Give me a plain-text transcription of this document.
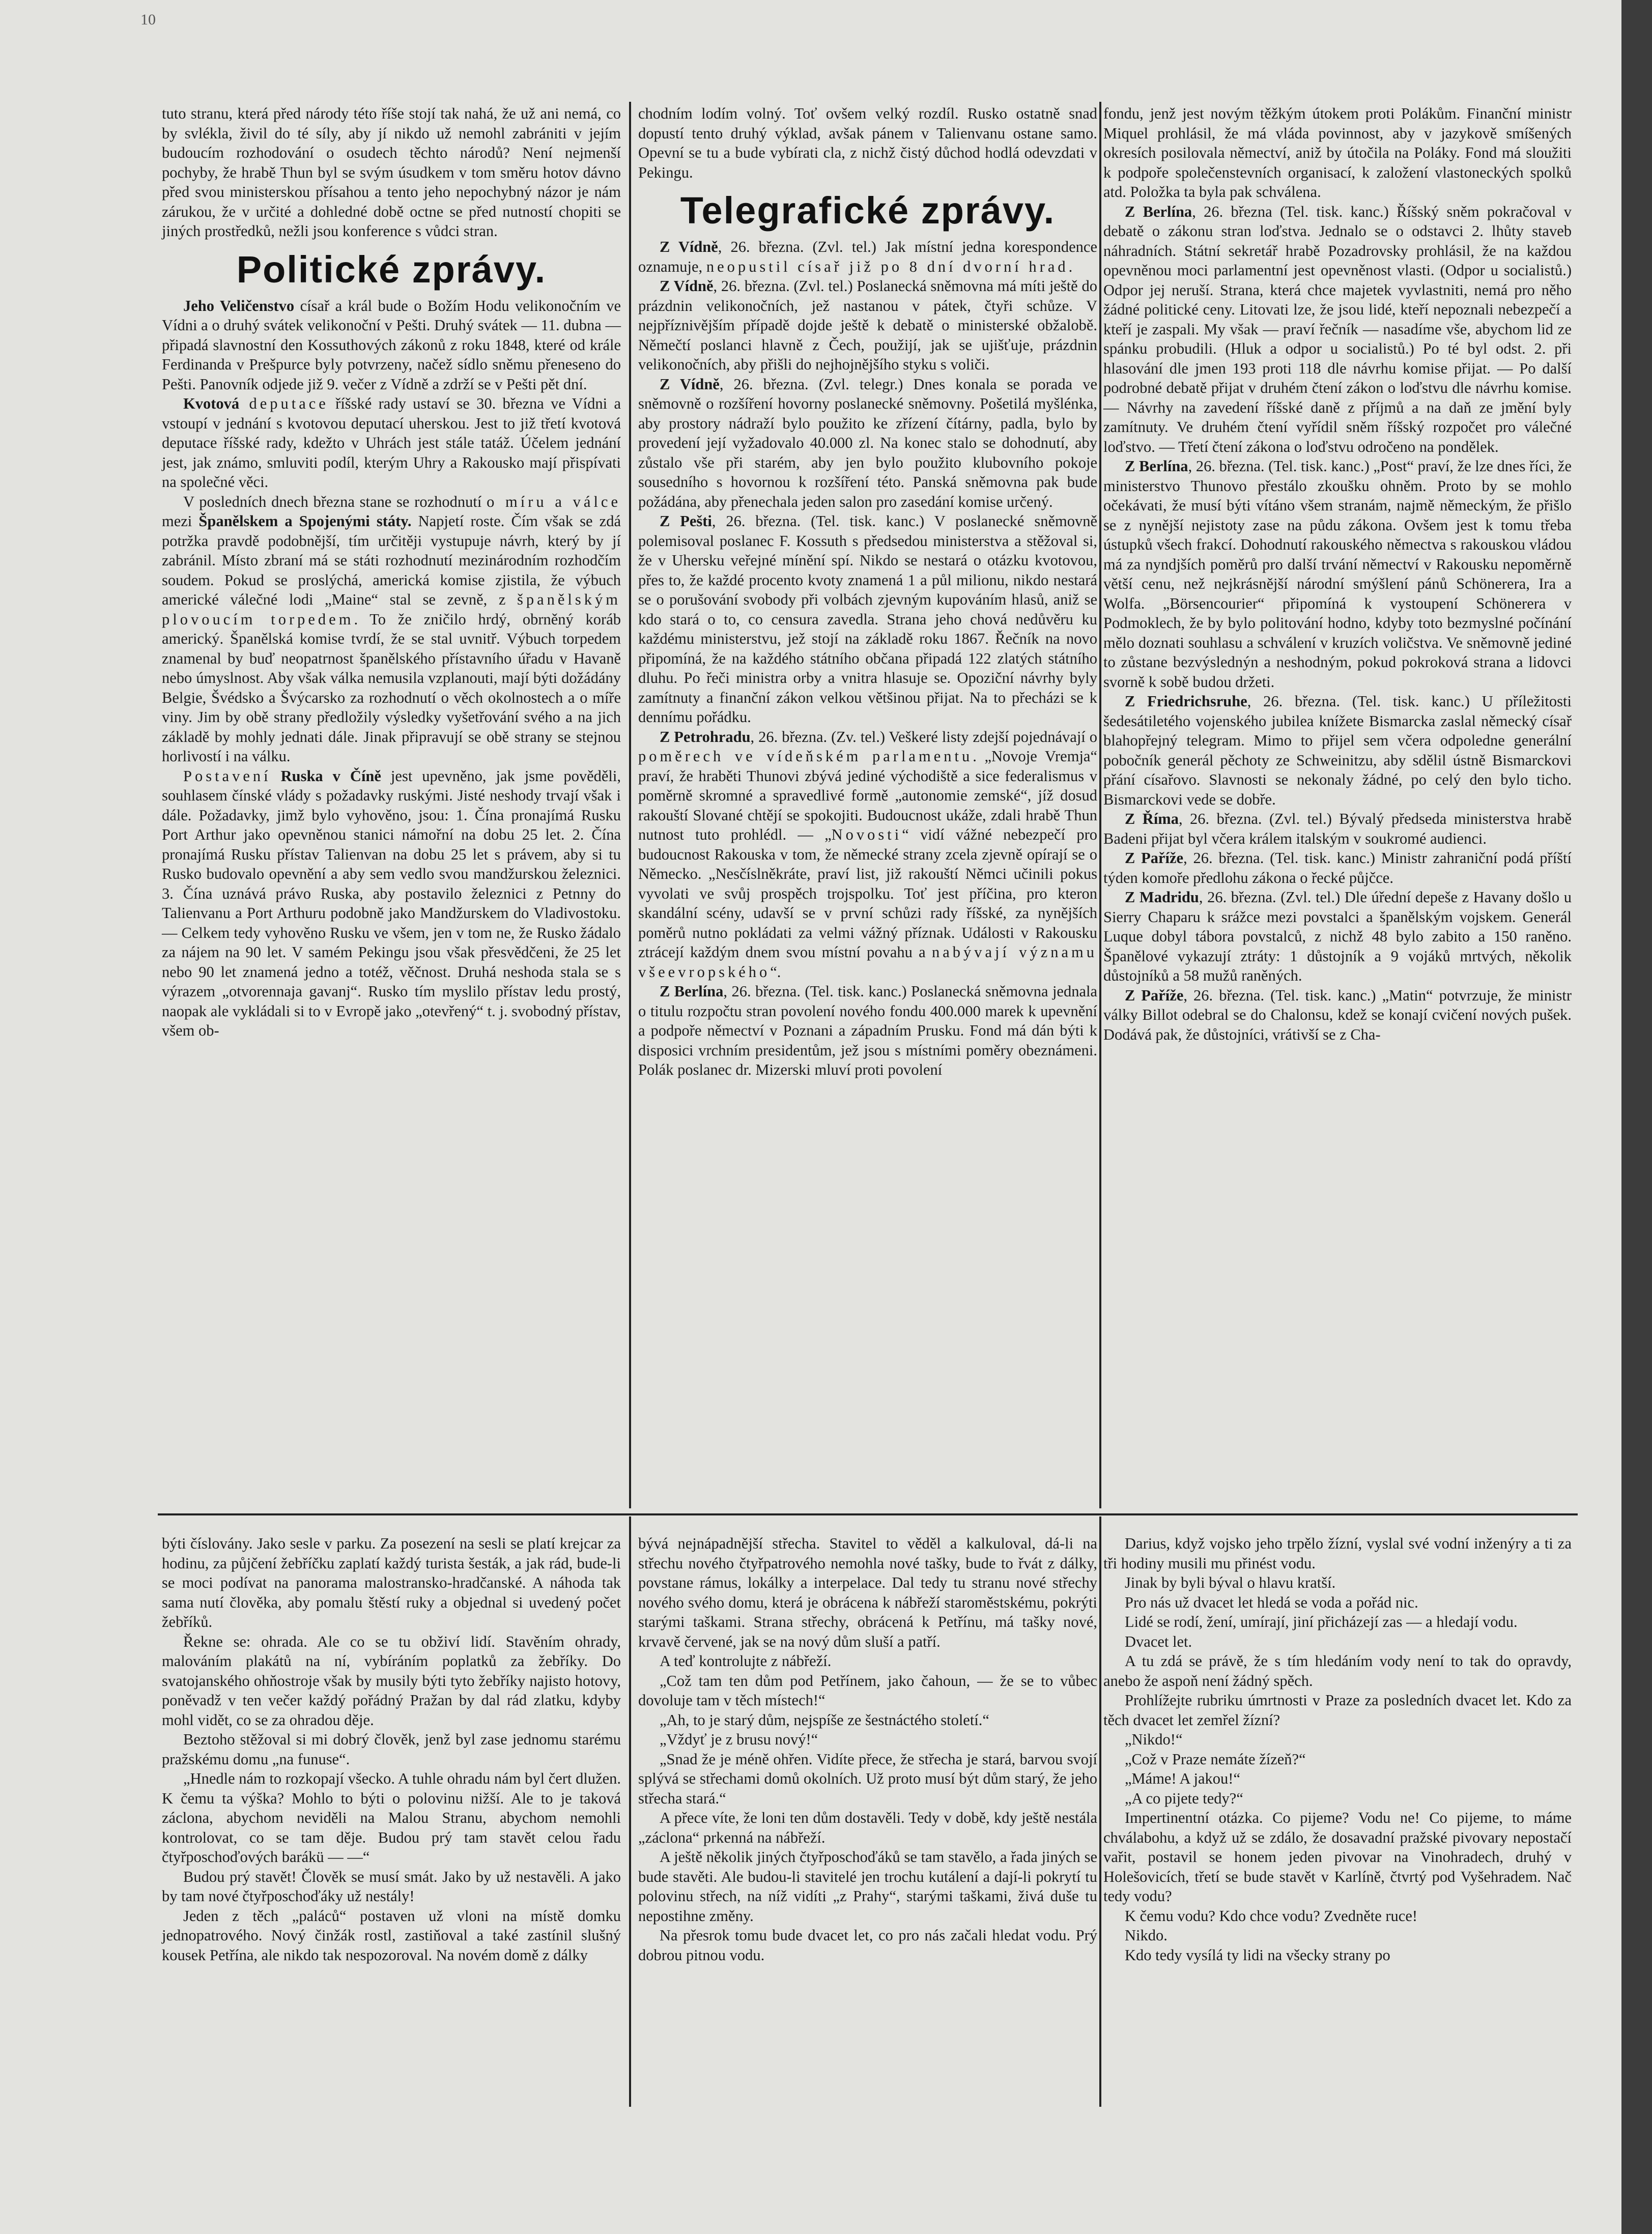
10

tuto stranu, která před národy této říše stojí tak nahá, že už ani nemá, co by svlékla, živil do té síly, aby jí nikdo už nemohl zabrániti v jejím budoucím rozhodování o osudech těchto národů? Není nejmenší pochyby, že hrabě Thun byl se svým úsudkem v tom směru hotov dávno před svou ministerskou přísahou a tento jeho nepochybný názor je nám zárukou, že v určité a dohledné době octne se před nutností chopiti se jiných prostředků, nežli jsou konference s vůdci stran.

Politické zprávy.

Jeho Veličenstvo císař a král bude o Božím Hodu velikonočním ve Vídni a o druhý svátek velikonoční v Pešti. Druhý svátek — 11. dubna — připadá slavnostní den Kossuthových zákonů z roku 1848, které od krále Ferdinanda v Prešpurce byly potvrzeny, načež sídlo sněmu přeneseno do Pešti. Panovník odjede již 9. večer z Vídně a zdrží se v Pešti pět dní.

Kvotová deputace říšské rady ustaví se 30. března ve Vídni a vstoupí v jednání s kvotovou deputací uherskou. Jest to již třetí kvotová deputace říšské rady, kdežto v Uhrách jest stále tatáž. Účelem jednání jest, jak známo, smluviti podíl, kterým Uhry a Rakousko mají přispívati na společné věci.

V posledních dnech března stane se rozhodnutí o míru a válce mezi Španělskem a Spojenými státy. Napjetí roste. Čím však se zdá potržka pravdě podobnější, tím určitěji vystupuje návrh, který by jí zabránil. Místo zbraní má se státi rozhodnutí mezinárodním rozhodčím soudem. Pokud se proslýchá, americká komise zjistila, že výbuch americké válečné lodi „Maine“ stal se zevně, z španělským plovoucím torpedem. To že zničilo hrdý, obrněný koráb americký. Španělská komise tvrdí, že se stal uvnitř. Výbuch torpedem znamenal by buď neopatrnost španělského přístavního úřadu v Havaně nebo úmyslnost. Aby však válka nemusila vzplanouti, mají býti dožádány Belgie, Švédsko a Švýcarsko za rozhodnutí o věch okolnostech a o míře viny. Jim by obě strany předložily výsledky vyšetřování svého a na jich základě by mohly jednati dále. Jinak připravují se obě strany se stejnou horlivostí i na válku.

Postavení Ruska v Číně jest upevněno, jak jsme pověděli, souhlasem čínské vlády s požadavky ruskými. Jisté neshody trvají však i dále. Požadavky, jimž bylo vyhověno, jsou: 1. Čína pronajímá Rusku Port Arthur jako opevněnou stanici námořní na dobu 25 let. 2. Čína pronajímá Rusku přístav Talienvan na dobu 25 let s právem, aby si tu Rusko budovalo opevnění a aby sem vedlo svou mandžurskou železnici. 3. Čína uznává právo Ruska, aby postavilo železnici z Petnny do Talienvanu a Port Arthuru podobně jako Mandžurskem do Vladivostoku. — Celkem tedy vyhověno Rusku ve všem, jen v tom ne, že Rusko žádalo za nájem na 90 let. V samém Pekingu jsou však přesvědčeni, že 25 let nebo 90 let znamená jedno a totéž, věčnost. Druhá neshoda stala se s výrazem „otvorennaja gavanj“. Rusko tím myslilo přístav ledu prostý, naopak ale vykládali si to v Evropě jako „otevřený“ t. j. svobodný přístav, všem ob-

chodním lodím volný. Toť ovšem velký rozdíl. Rusko ostatně snad dopustí tento druhý výklad, avšak pánem v Talienvanu ostane samo. Opevní se tu a bude vybírati cla, z nichž čistý důchod hodlá odevzdati v Pekingu.

Telegrafické zprávy.

Z Vídně, 26. března. (Zvl. tel.) Jak místní jedna korespondence oznamuje, neopustil císař již po 8 dní dvorní hrad.

Z Vídně, 26. března. (Zvl. tel.) Poslanecká sněmovna má míti ještě do prázdnin velikonočních, jež nastanou v pátek, čtyři schůze. V nejpříznivějším případě dojde ještě k debatě o ministerské obžalobě. Němečtí poslanci hlavně z Čech, použijí, jak se ujišťuje, prázdnin velikonočních, aby přišli do nejhojnějšího styku s voliči.

Z Vídně, 26. března. (Zvl. telegr.) Dnes konala se porada ve sněmovně o rozšíření hovorny poslanecké sněmovny. Pošetilá myšlénka, aby prostory nádraží bylo použito ke zřízení čítárny, padla, bylo by provedení její vyžadovalo 40.000 zl. Na konec stalo se dohodnutí, aby zůstalo vše při starém, aby jen bylo použito klubovního pokoje sousedního s hovornou k rozšíření této. Panská sněmovna pak bude požádána, aby přenechala jeden salon pro zasedání komise určený.

Z Pešti, 26. března. (Tel. tisk. kanc.) V poslanecké sněmovně polemisoval poslanec F. Kossuth s předsedou ministerstva a stěžoval si, že v Uhersku veřejné mínění spí. Nikdo se nestará o otázku kvotovou, přes to, že každé procento kvoty znamená 1 a půl milionu, nikdo nestará se o porušování svobody při volbách zjevným kupováním hlasů, aniž se kdo stará o to, co censura zavedla. Strana jeho chová nedůvěru ku každému ministerstvu, jež stojí na základě roku 1867. Řečník na novo připomíná, že na každého státního občana připadá 122 zlatých státního dluhu. Po řeči ministra orby a vnitra hlasuje se. Opoziční návrhy byly zamítnuty a finanční zákon velkou většinou přijat. Na to přecházi se k dennímu pořádku.

Z Petrohradu, 26. března. (Zv. tel.) Veškeré listy zdejší pojednávají o poměrech ve vídeňském parlamentu. „Novoje Vremja“ praví, že hraběti Thunovi zbývá jediné východiště a sice federalismus v poměrně skromné a spravedlivé formě „autonomie zemské“, jíž dosud rakouští Slované chtějí se spokojiti. Budoucnost ukáže, zdali hrabě Thun nutnost tuto prohlédl. — „Novosti“ vidí vážné nebezpečí pro budoucnost Rakouska v tom, že německé strany zcela zjevně opírají se o Německo. „Nesčíslněkráte, praví list, již rakouští Němci učinili pokus vyvolati ve svůj prospěch trojspolku. Toť jest příčina, pro kteron skandální scény, udavší se v první schůzi rady říšské, za nynějších poměrů nutno pokládati za velmi vážný příznak. Události v Rakousku ztrácejí každým dnem svou místní povahu a nabývají významu všeevropského“.

Z Berlína, 26. března. (Tel. tisk. kanc.) Poslanecká sněmovna jednala o titulu rozpočtu stran povolení nového fondu 400.000 marek k upevnění a podpoře němectví v Poznani a západním Prusku. Fond má dán býti k disposici vrchním presidentům, jež jsou s místními poměry obeznámeni. Polák poslanec dr. Mizerski mluví proti povolení

fondu, jenž jest novým těžkým útokem proti Polákům. Finanční ministr Miquel prohlásil, že má vláda povinnost, aby v jazykově smíšených okresích posilovala němectví, aniž by útočila na Poláky. Fond má sloužiti k podpoře společenstevních organisací, k založení vlastoneckých spolků atd. Položka ta byla pak schválena.

Z Berlína, 26. března (Tel. tisk. kanc.) Říšský sněm pokračoval v debatě o zákonu stran loďstva. Jednalo se o odstavci 2. lhůty staveb náhradních. Státní sekretář hrabě Pozadrovsky prohlásil, že na každou opevněnou moci parlamentní jest opevněnost vlasti. (Odpor u socialistů.) Odpor jej neruší. Strana, která chce majetek vyvlastniti, nemá pro něho žádné politické ceny. Litovati lze, že jsou lidé, kteří nepoznali nebezpečí a kteří je zaspali. My však — praví řečník — nasadíme vše, abychom lid ze spánku probudili. (Hluk a odpor u socialistů.) Po té byl odst. 2. při hlasování dle jmen 193 proti 118 dle návrhu komise přijat. — Po další podrobné debatě přijat v druhém čtení zákon o loďstvu dle návrhu komise. — Návrhy na zavedení říšské daně z příjmů a na daň ze jmění byly zamítnuty. Ve druhém čtení vyřídil sněm říšský rozpočet pro válečné loďstvo. — Třetí čtení zákona o loďstvu odročeno na pondělek.

Z Berlína, 26. března. (Tel. tisk. kanc.) „Post“ praví, že lze dnes říci, že ministerstvo Thunovo přestálo zkoušku ohněm. Proto by se mohlo očekávati, že musí býti vítáno všem stranám, najmě německým, že přišlo se z nynější nejistoty zase na půdu zákona. Ovšem jest k tomu třeba ústupků všech frakcí. Dohodnutí rakouského němectva s rakouskou vládou má za nyndjších poměrů pro další trvání němectví v Rakousku nepoměrně větší cenu, než nejkrásnější národní smýšlení pánů Schönerera, Ira a Wolfa. „Börsencourier“ připomíná k vystoupení Schönerera v Podmoklech, že by bylo politování hodno, kdyby toto bezmyslné počínání mělo doznati souhlasu a schválení v kruzích voličstva. Ve sněmovně jediné to zůstane bezvýslednýn a neshodným, pokud pokroková strana a lidovci svorně k sobě budou držeti.

Z Friedrichsruhe, 26. března. (Tel. tisk. kanc.) U příležitosti šedesátiletého vojenského jubilea knížete Bismarcka zaslal německý císař blahopřejný telegram. Mimo to přijel sem včera odpoledne generální pobočník generál pěchoty ze Schweinitzu, aby sdělil ústně Bismarckovi přání císařovo. Slavnosti se nekonaly žádné, po celý den bylo ticho. Bismarckovi vede se dobře.

Z Říma, 26. března. (Zvl. tel.) Bývalý předseda ministerstva hrabě Badeni přijat byl včera králem italským v soukromé audienci.

Z Paříže, 26. března. (Tel. tisk. kanc.) Ministr zahraniční podá příští týden komoře předlohu zákona o řecké půjčce.

Z Madridu, 26. března. (Zvl. tel.) Dle úřední depeše z Havany došlo u Sierry Chaparu k srážce mezi povstalci a španělským vojskem. Generál Luque dobyl tábora povstalců, z nichž 48 bylo zabito a 150 raněno. Španělové vykazují ztráty: 1 důstojník a 9 vojáků mrtvých, několik důstojníků a 58 mužů raněných.

Z Paříže, 26. března. (Tel. tisk. kanc.) „Matin“ potvrzuje, že ministr války Billot odebral se do Chalonsu, kdež se konají cvičení nových pušek. Dodává pak, že důstojníci, vrátivší se z Cha-

býti číslovány. Jako sesle v parku. Za posezení na sesli se platí krejcar za hodinu, za půjčení žebříčku zaplatí každý turista šesták, a jak rád, bude-li se moci podívat na panorama malostransko-hradčanské. A náhoda tak sama nutí člověka, aby pomalu štěstí ruky a objednal si uvedený počet žebříků.

Řekne se: ohrada. Ale co se tu obživí lidí. Stavěním ohrady, malováním plakátů na ní, vybíráním poplatků za žebříky. Do svatojanského ohňostroje však by musily býti tyto žebříky najisto hotovy, poněvadž v ten večer každý pořádný Pražan by dal rád zlatku, kdyby mohl vidět, co se za ohradou děje.

Beztoho stěžoval si mi dobrý člověk, jenž byl zase jednomu starému pražskému domu „na funuse“.

„Hnedle nám to rozkopají všecko. A tuhle ohradu nám byl čert dlužen. K čemu ta výška? Mohlo to býti o polovinu nižší. Ale to je taková záclona, abychom neviděli na Malou Stranu, abychom nemohli kontrolovat, co se tam děje. Budou prý tam stavět celou řadu čtyřposchoďových barákü — —“

Budou prý stavět! Člověk se musí smát. Jako by už nestavěli. A jako by tam nové čtyřposchoďáky už nestály!

Jeden z těch „paláců“ postaven už vloni na místě domku jednopatrového. Nový činžák rostl, zastiňoval a také zastínil slušný kousek Petřína, ale nikdo tak nespozoroval. Na novém domě z dálky

bývá nejnápadnější střecha. Stavitel to věděl a kalkuloval, dá-li na střechu nového čtyřpatrového nemohla nové tašky, bude to řvát z dálky, povstane rámus, lokálky a interpelace. Dal tedy tu stranu nové střechy nového svého domu, která je obrácena k nábřeží staroměstskému, pokrýti starými taškami. Strana střechy, obrácená k Petřínu, má tašky nové, krvavě červené, jak se na nový dům sluší a patří.

A teď kontrolujte z nábřeží.

„Což tam ten dům pod Petřínem, jako čahoun, — že se to vůbec dovoluje tam v těch místech!“

„Ah, to je starý dům, nejspíše ze šestnáctého století.“

„Vždyť je z brusu nový!“

„Snad že je méně ohřen. Vidíte přece, že střecha je stará, barvou svojí splývá se střechami domů okolních. Už proto musí být dům starý, že jeho střecha stará.“

A přece víte, že loni ten dům dostavěli. Tedy v době, kdy ještě nestála „záclona“ prkenná na nábřeží.

A ještě několik jiných čtyřposchoďáků se tam stavělo, a řada jiných se bude stavěti. Ale budou-li stavitelé jen trochu kutálení a dají-li pokrytí tu polovinu střech, na níž vidíti „z Prahy“, starými taškami, živá duše tu nepostihne změny.

Na přesrok tomu bude dvacet let, co pro nás začali hledat vodu. Prý dobrou pitnou vodu.

Darius, když vojsko jeho trpělo žízní, vyslal své vodní inženýry a ti za tři hodiny musili mu přinést vodu.

Jinak by byli býval o hlavu kratší.

Pro nás už dvacet let hledá se voda a pořád nic.

Lidé se rodí, žení, umírají, jiní přicházejí zas — a hledají vodu.

Dvacet let.

A tu zdá se právě, že s tím hledáním vody není to tak do opravdy, anebo že aspoň není žádný spěch.

Prohlížejte rubriku úmrtnosti v Praze za posledních dvacet let. Kdo za těch dvacet let zemřel žízní?

„Nikdo!“

„Což v Praze nemáte žízeň?“

„Máme! A jakou!“

„A co pijete tedy?“

Impertinentní otázka. Co pijeme? Vodu ne! Co pijeme, to máme chválabohu, a když už se zdálo, že dosavadní pražské pivovary nepostačí vařit, postavil se honem jeden pivovar na Vinohradech, druhý v Holešovicích, třetí se bude stavět v Karlíně, čtvrtý pod Vyšehradem. Nač tedy vodu?

K čemu vodu? Kdo chce vodu? Zvedněte ruce!

Nikdo.

Kdo tedy vysílá ty lidi na všecky strany po
